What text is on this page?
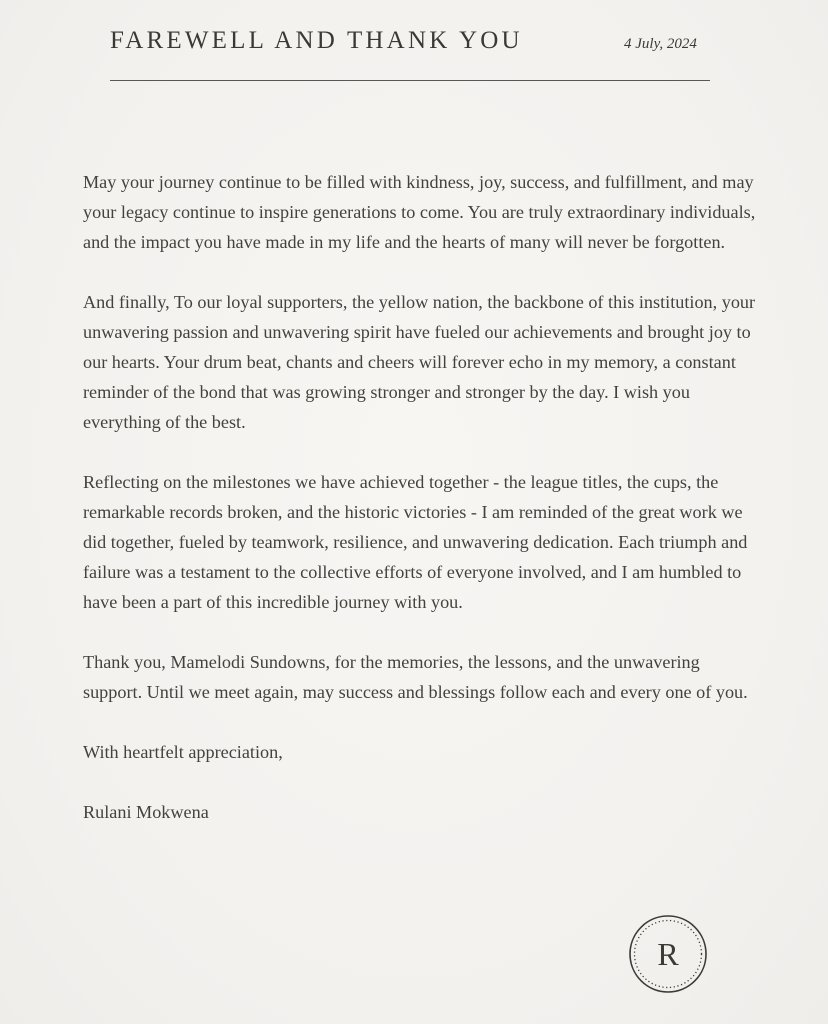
FAREWELL AND THANK YOU	4 July, 2024

May your journey continue to be filled with kindness, joy, success, and fulfillment, and may your legacy continue to inspire generations to come. You are truly extraordinary individuals, and the impact you have made in my life and the hearts of many will never be forgotten.

And finally, To our loyal supporters, the yellow nation, the backbone of this institution, your unwavering passion and unwavering spirit have fueled our achievements and brought joy to our hearts. Your drum beat, chants and cheers will forever echo in my memory, a constant reminder of the bond that was growing stronger and stronger by the day. I wish you everything of the best.

Reflecting on the milestones we have achieved together - the league titles, the cups, the remarkable records broken, and the historic victories - I am reminded of the great work we did together, fueled by teamwork, resilience, and unwavering dedication. Each triumph and failure was a testament to the collective efforts of everyone involved, and I am humbled to have been a part of this incredible journey with you.

Thank you, Mamelodi Sundowns, for the memories, the lessons, and the unwavering support. Until we meet again, may success and blessings follow each and every one of you.

With heartfelt appreciation,

Rulani Mokwena

R
